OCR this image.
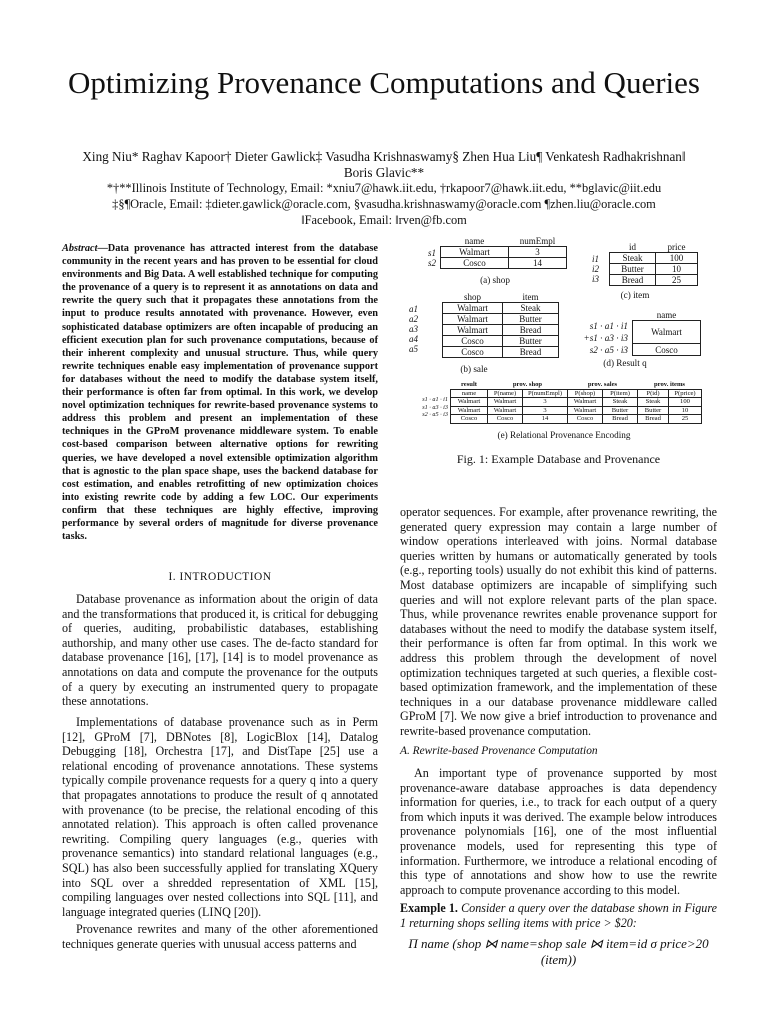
Optimizing Provenance Computations and Queries
Xing Niu* Raghav Kapoor† Dieter Gawlick‡ Vasudha Krishnaswamy§ Zhen Hua Liu¶ Venkatesh Radhakrishnan‖
Boris Glavic**
*†**Illinois Institute of Technology, Email: *xniu7@hawk.iit.edu, †rkapoor7@hawk.iit.edu, **bglavic@iit.edu
‡§¶Oracle, Email: ‡dieter.gawlick@oracle.com, §vasudha.krishnaswamy@oracle.com ¶zhen.liu@oracle.com
‖Facebook, Email: ‖rven@fb.com
Abstract—Data provenance has attracted interest from the database community in the recent years and has proven to be essential for cloud environments and Big Data. A well established technique for computing the provenance of a query is to represent it as annotations on data and rewrite the query such that it propagates these annotations from the input to produce results annotated with provenance. However, even sophisticated database optimizers are often incapable of producing an efficient execution plan for such provenance computations, because of their inherent complexity and unusual structure. Thus, while query rewrite techniques enable easy implementation of provenance support for databases without the need to modify the database system itself, their performance is often far from optimal. In this work, we develop novel optimization techniques for rewrite-based provenance systems to address this problem and present an implementation of these techniques in the GProM provenance middleware system. To enable cost-based comparison between alternative options for rewriting queries, we have developed a novel extensible optimization algorithm that is agnostic to the plan space shape, uses the backend database for cost estimation, and enables retrofitting of new optimization choices into existing rewrite code by adding a few LOC. Our experiments confirm that these techniques are highly effective, improving performance by several orders of magnitude for diverse provenance tasks.
I. INTRODUCTION
Database provenance as information about the origin of data and the transformations that produced it, is critical for debugging of queries, auditing, probabilistic databases, establishing authorship, and many other use cases. The de-facto standard for database provenance [16], [17], [14] is to model provenance as annotations on data and compute the provenance for the outputs of a query by executing an instrumented query to propagate these annotations.
Implementations of database provenance such as in Perm [12], GProM [7], DBNotes [8], LogicBlox [14], Datalog Debugging [18], Orchestra [17], and DistTape [25] use a relational encoding of provenance annotations. These systems typically compile provenance requests for a query q into a query that propagates annotations to produce the result of q annotated with provenance (to be precise, the relational encoding of this annotated relation). This approach is often called provenance rewriting. Compiling query languages (e.g., queries with provenance semantics) into standard relational languages (e.g., SQL) has also been successfully applied for translating XQuery into SQL over a shredded representation of XML [15], compiling languages over nested collections into SQL [11], and language integrated queries (LINQ [20]).
Provenance rewrites and many of the other aforementioned techniques generate queries with unusual access patterns and
operator sequences. For example, after provenance rewriting, the generated query expression may contain a large number of window operations interleaved with joins. Normal database queries written by humans or automatically generated by tools (e.g., reporting tools) usually do not exhibit this kind of patterns. Most database optimizers are incapable of simplifying such queries and will not explore relevant parts of the plan space. Thus, while provenance rewrites enable provenance support for databases without the need to modify the database system itself, their performance is often far from optimal. In this work we address this problem through the development of novel optimization techniques targeted at such queries, a flexible cost-based optimization framework, and the implementation of these techniques in a our database provenance middleware called GProM [7]. We now give a brief introduction to provenance and rewrite-based provenance computation.
A. Rewrite-based Provenance Computation
An important type of provenance supported by most provenance-aware database approaches is data dependency information for queries, i.e., to track for each output of a query from which inputs it was derived. The example below introduces provenance polynomials [16], one of the most influential provenance models, used for representing this type of information. Furthermore, we introduce a relational encoding of this type of annotations and show how to use the rewrite approach to compute provenance according to this model.
Example 1. Consider a query over the database shown in Figure 1 returning shops selling items with price > $20:
Π name (shop ⋈ name=shop sale ⋈ item=id σ price>20 (item))
s1
s2
name	numEmpl
Walmart	3
Cosco	14
(a) shop
i1
i2
i3
id	price
Steak	100
Butter	10
Bread	25
(c) item
a1
a2
a3
a4
a5
shop	item
Walmart	Steak
Walmart	Butter
Walmart	Bread
Cosco	Butter
Cosco	Bread
(b) sale
s1 · a1 · i1
+s1 · a3 · i3
s2 · a5 · i3
name
Walmart
Cosco
(d) Result q
s1 · a1 · i1
s1 · a3 · i3
s2 · a5 · i3
result	prov. shop		prov. sales		prov. items	
name	P(name)	P(numEmpl)	P(shop)	P(item)	P(id)	P(price)
Walmart	Walmart	3	Walmart	Steak	Steak	100
Walmart	Walmart	3	Walmart	Butter	Butter	10
Cosco	Cosco	14	Cosco	Bread	Bread	25
(e) Relational Provenance Encoding
Fig. 1: Example Database and Provenance
